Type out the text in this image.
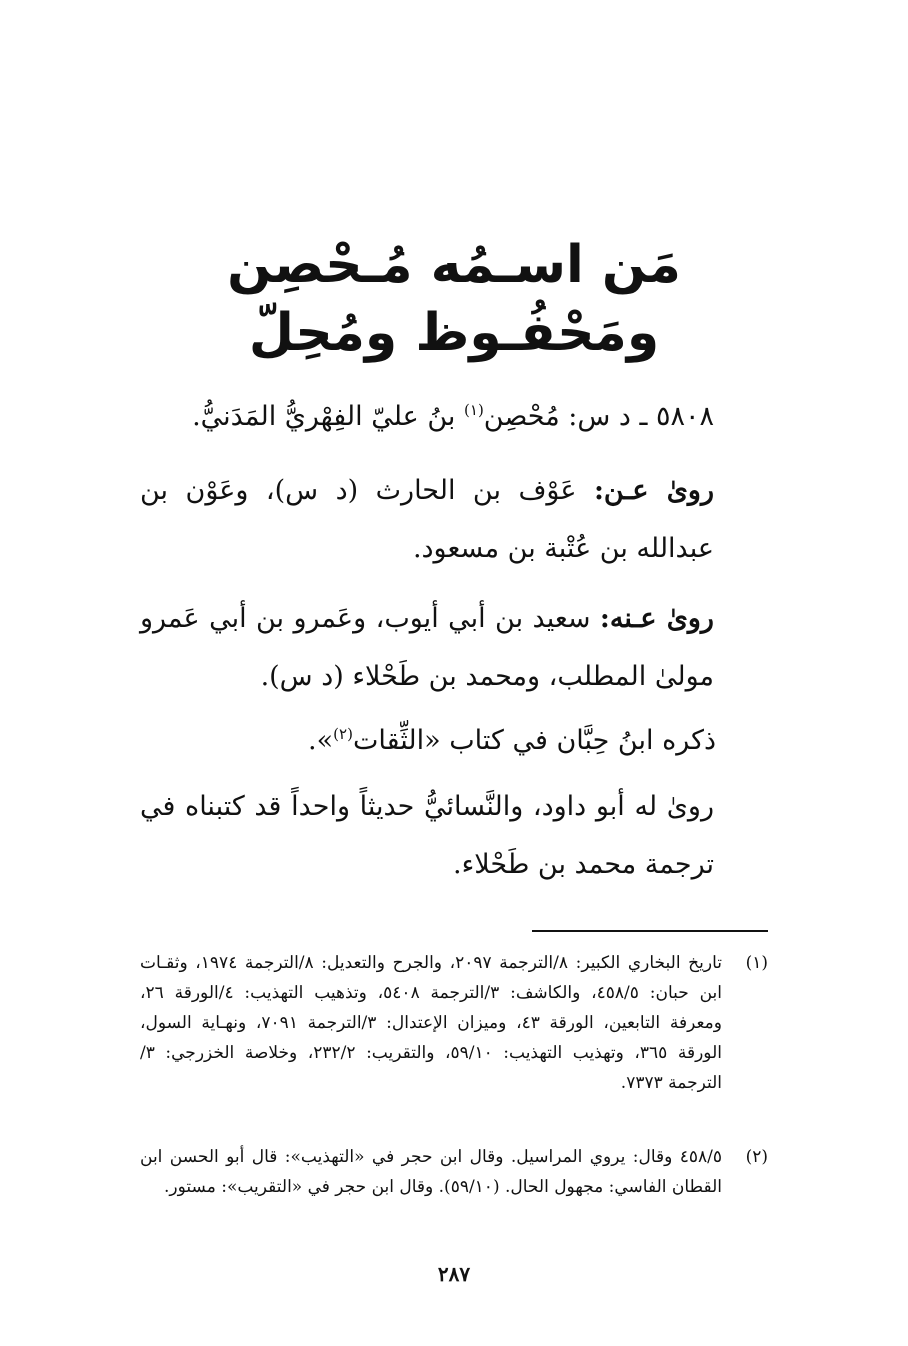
مَن اسـمُه مُـحْصِن ومَحْفُـوظ ومُحِلّ

٥٨٠٨ ـ د س: مُحْصِن$^{(١)}$ بنُ عليّ الفِهْريُّ المَدَنيُّ.

روىٰ عـن: عَوْف بن الحارث (د س)، وعَوْن بن عبدالله بن عُتْبة بن مسعود.

روىٰ عـنه: سعيد بن أبي أيوب، وعَمرو بن أبي عَمرو مولىٰ المطلب، ومحمد بن طَحْلاء (د س).

ذكره ابنُ حِبَّان في كتاب «الثِّقات$^{(٢)}$».

روىٰ له أبو داود، والنَّسائيُّ حديثاً واحداً قد كتبناه في ترجمة محمد بن طَحْلاء.

(١)
تاريخ البخاري الكبير: ٨/الترجمة ٢٠٩٧، والجرح والتعديل: ٨/الترجمة ١٩٧٤، وثقـات ابن حبان: ٤٥٨/٥، والكاشف: ٣/الترجمة ٥٤٠٨، وتذهيب التهذيب: ٤/الورقة ٢٦، ومعرفة التابعين، الورقة ٤٣، وميزان الإعتدال: ٣/الترجمة ٧٠٩١، ونهـاية السول، الورقة ٣٦٥، وتهذيب التهذيب: ٥٩/١٠، والتقريب: ٢٣٢/٢، وخلاصة الخزرجي: ٣/الترجمة ٧٣٧٣.
(٢)
٤٥٨/٥ وقال: يروي المراسيل. وقال ابن حجر في «التهذيب»: قال أبو الحسن ابن القطان الفاسي: مجهول الحال. (٥٩/١٠). وقال ابن حجر في «التقريب»: مستور.
٢٨٧
